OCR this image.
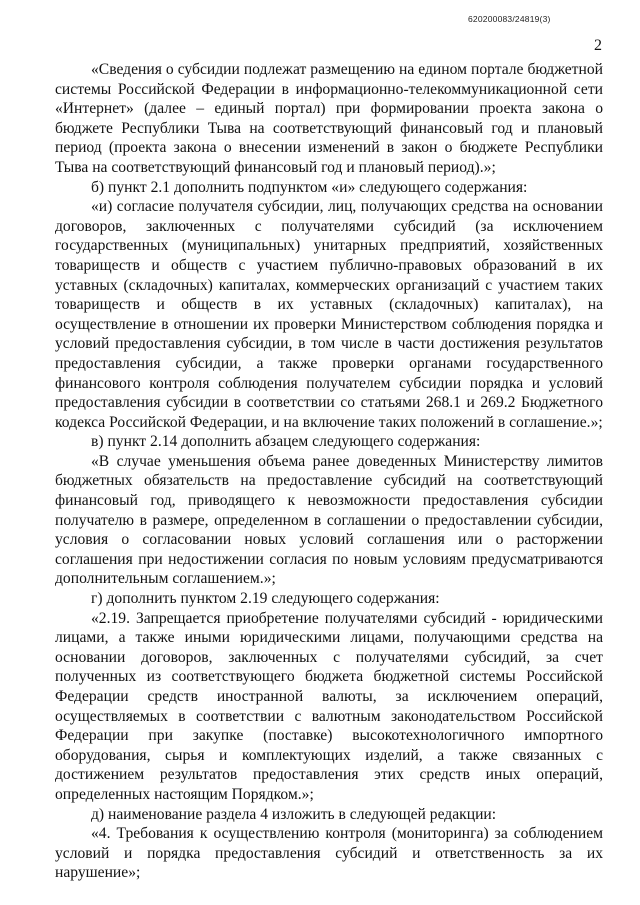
620200083/24819(3)
2

«Сведения о субсидии подлежат размещению на едином портале бюджетной системы Российской Федерации в информационно-телекоммуникационной сети «Интернет» (далее – единый портал) при формировании проекта закона о бюджете Республики Тыва на соответствующий финансовый год и плановый период (проекта закона о внесении изменений в закон о бюджете Республики Тыва на соответствующий финансовый год и плановый период).»;

б) пункт 2.1 дополнить подпунктом «и» следующего содержания:

«и) согласие получателя субсидии, лиц, получающих средства на основании договоров, заключенных с получателями субсидий (за исключением государственных (муниципальных) унитарных предприятий, хозяйственных товариществ и обществ с участием публично-правовых образований в их уставных (складочных) капиталах, коммерческих организаций с участием таких товариществ и обществ в их уставных (складочных) капиталах), на осуществление в отношении их проверки Министерством соблюдения порядка и условий предоставления субсидии, в том числе в части достижения результатов предоставления субсидии, а также проверки органами государственного финансового контроля соблюдения получателем субсидии порядка и условий предоставления субсидии в соответствии со статьями 268.1 и 269.2 Бюджетного кодекса Российской Федерации, и на включение таких положений в соглашение.»;

в) пункт 2.14 дополнить абзацем следующего содержания:

«В случае уменьшения объема ранее доведенных Министерству лимитов бюджетных обязательств на предоставление субсидий на соответствующий финансовый год, приводящего к невозможности предоставления субсидии получателю в размере, определенном в соглашении о предоставлении субсидии, условия о согласовании новых условий соглашения или о расторжении соглашения при недостижении согласия по новым условиям предусматриваются дополнительным соглашением.»;

г) дополнить пунктом 2.19 следующего содержания:

«2.19. Запрещается приобретение получателями субсидий - юридическими лицами, а также иными юридическими лицами, получающими средства на основании договоров, заключенных с получателями субсидий, за счет полученных из соответствующего бюджета бюджетной системы Российской Федерации средств иностранной валюты, за исключением операций, осуществляемых в соответствии с валютным законодательством Российской Федерации при закупке (поставке) высокотехнологичного импортного оборудования, сырья и комплектующих изделий, а также связанных с достижением результатов предоставления этих средств иных операций, определенных настоящим Порядком.»;

д) наименование раздела 4 изложить в следующей редакции:

«4. Требования к осуществлению контроля (мониторинга) за соблюдением условий и порядка предоставления субсидий и ответственность за их нарушение»;
